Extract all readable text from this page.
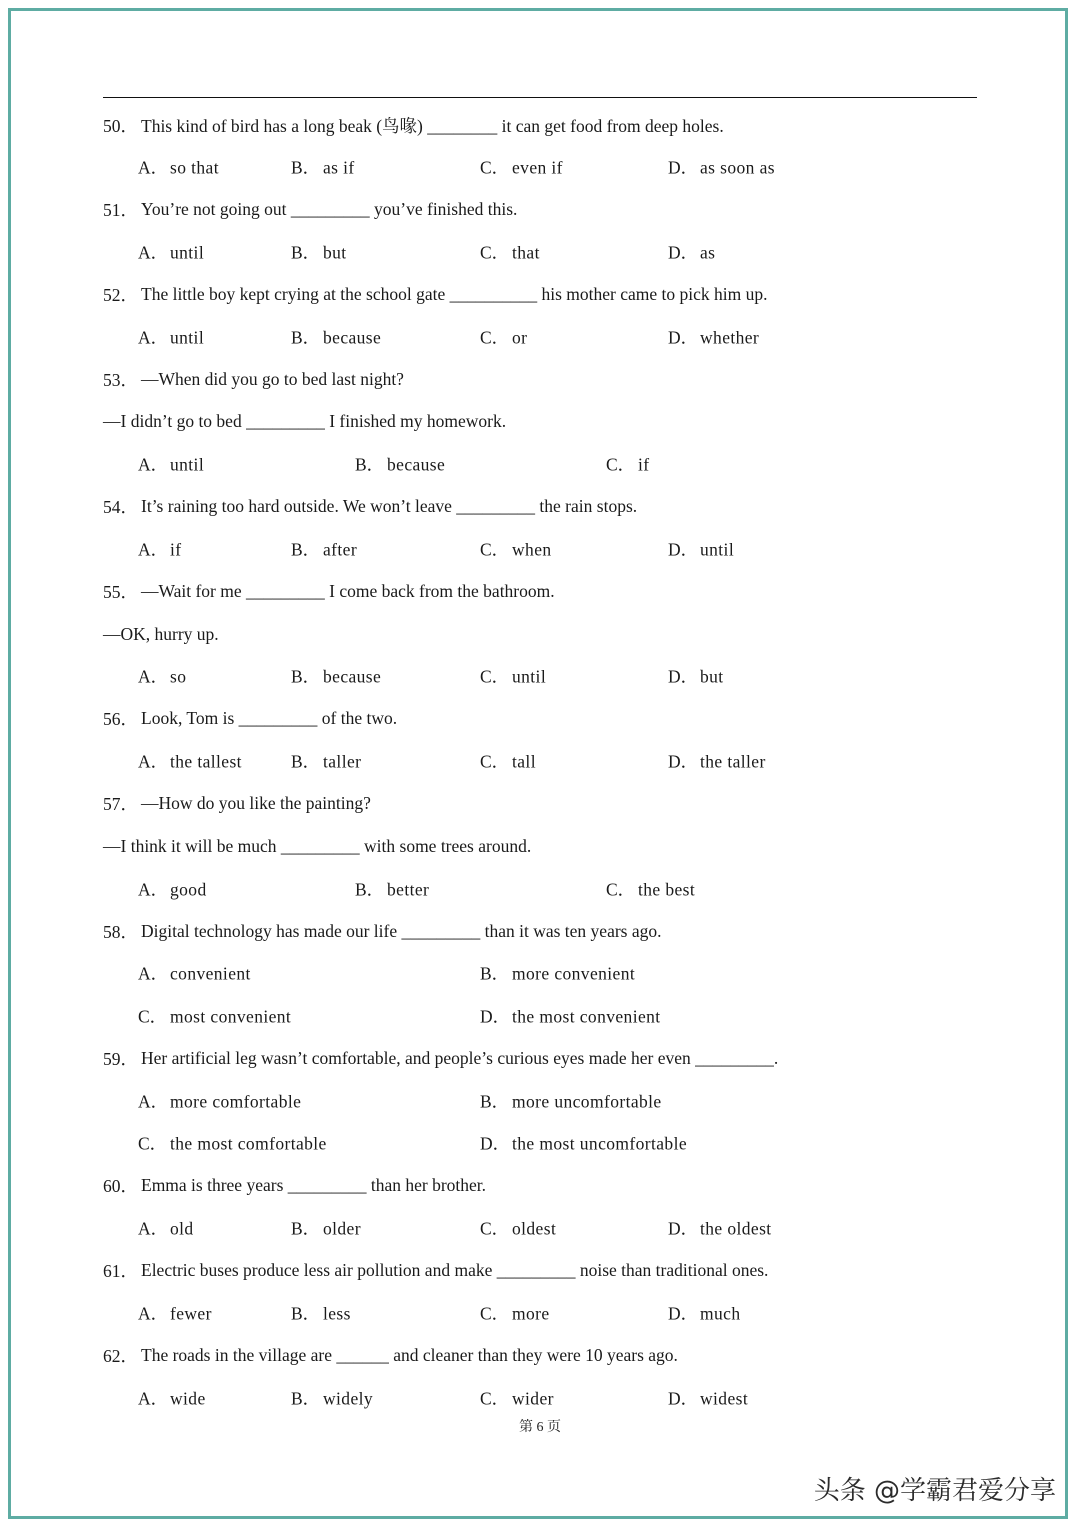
50． This kind of bird has a long beak (鸟喙) ________ it can get food from deep holes.
A． so that	B． as if	C． even if	D． as soon as
51． You’re not going out _________ you’ve finished this.
A． until	B． but	C． that	D． as
52． The little boy kept crying at the school gate __________ his mother came to pick him up.
A． until	B． because	C． or	D． whether
53． —When did you go to bed last night?
—I didn’t go to bed _________ I finished my homework.
A． until	B． because	C． if
54． It’s raining too hard outside. We won’t leave _________ the rain stops.
A． if	B． after	C． when	D． until
55． —Wait for me _________ I come back from the bathroom.
—OK, hurry up.
A． so	B． because	C． until	D． but
56． Look, Tom is _________ of the two.
A． the tallest	B． taller	C． tall	D． the taller
57． —How do you like the painting?
—I think it will be much _________ with some trees around.
A． good	B． better	C． the best
58． Digital technology has made our life _________ than it was ten years ago.
A． convenient	B． more convenient
C． most convenient	D． the most convenient
59． Her artificial leg wasn’t comfortable, and people’s curious eyes made her even _________.
A． more comfortable	B． more uncomfortable
C． the most comfortable	D． the most uncomfortable
60． Emma is three years _________ than her brother.
A． old	B． older	C． oldest	D． the oldest
61． Electric buses produce less air pollution and make _________ noise than traditional ones.
A． fewer	B． less	C． more	D． much
62． The roads in the village are ______ and cleaner than they were 10 years ago.
A． wide	B． widely	C． wider	D． widest
第 6 页
头条 @学霸君爱分享
